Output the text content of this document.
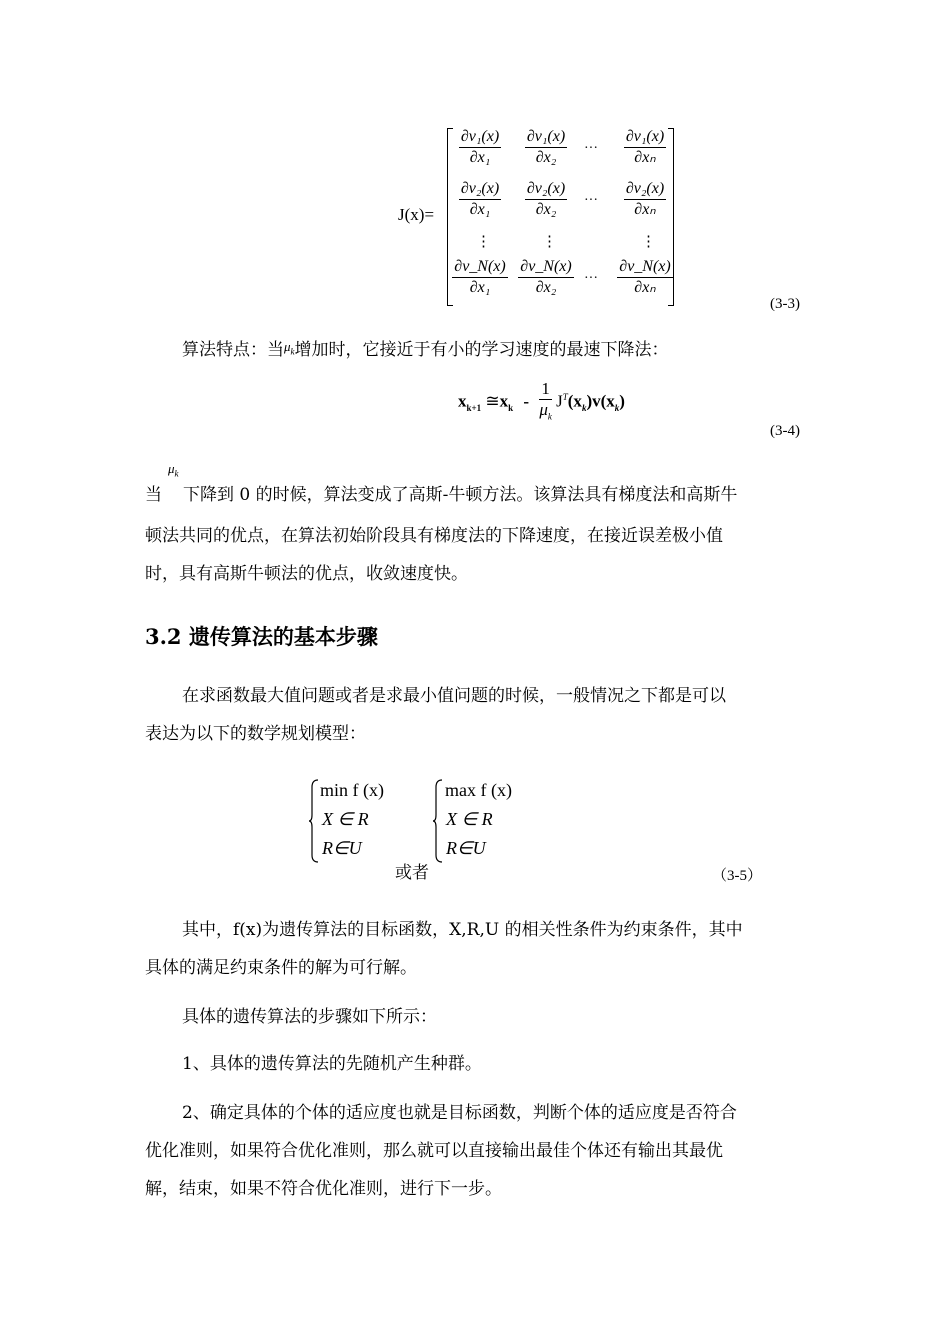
J(x)=
$\frac{\text{∂v₁(x)}}{\text{∂x₁}} \frac{\text{∂v₁(x)}}{\text{∂x₂}}$ ··· $\frac{\text{∂v₁(x)}}{\text{∂xₙ}}$
$\frac{\text{∂v₂(x)}}{\text{∂x₁}} \frac{\text{∂v₂(x)}}{\text{∂x₂}}$ ··· $\frac{\text{∂v₂(x)}}{\text{∂xₙ}}$
⋮	⋮	⋮
$\frac{\partial v\_N(x)}{\text{∂x₁}} \frac{\partial v\_N(x)}{\text{∂x₂}}$ ··· $\frac{\partial v\_N(x)}{\text{∂xₙ}}$
(3-3)
算法特点：当$^{\mu_k}$增加时，它接近于有小的学习速度的最速下降法：
$x_{k+1}$ $≅x_k - \frac{1}{\mu_k} J^T(x_k)v(x_k)$
(3-4)
$\mu_k$
当 下降到 0 的时候，算法变成了高斯-牛顿方法。该算法具有梯度法和高斯牛
顿法共同的优点，在算法初始阶段具有梯度法的下降速度，在接近误差极小值
时，具有高斯牛顿法的优点，收敛速度快。
3.2 遗传算法的基本步骤
在求函数最大值问题或者是求最小值问题的时候，一般情况之下都是可以
表达为以下的数学规划模型：
min f (x)
X ∈ R
R∈U
max f (x)
X ∈ R
R∈U
或者	（3-5）
其中，f(x)为遗传算法的目标函数，X,R,U 的相关性条件为约束条件，其中
具体的满足约束条件的解为可行解。
具体的遗传算法的步骤如下所示：
1、具体的遗传算法的先随机产生种群。
2、确定具体的个体的适应度也就是目标函数，判断个体的适应度是否符合
优化准则，如果符合优化准则，那么就可以直接输出最佳个体还有输出其最优
解，结束，如果不符合优化准则，进行下一步。
